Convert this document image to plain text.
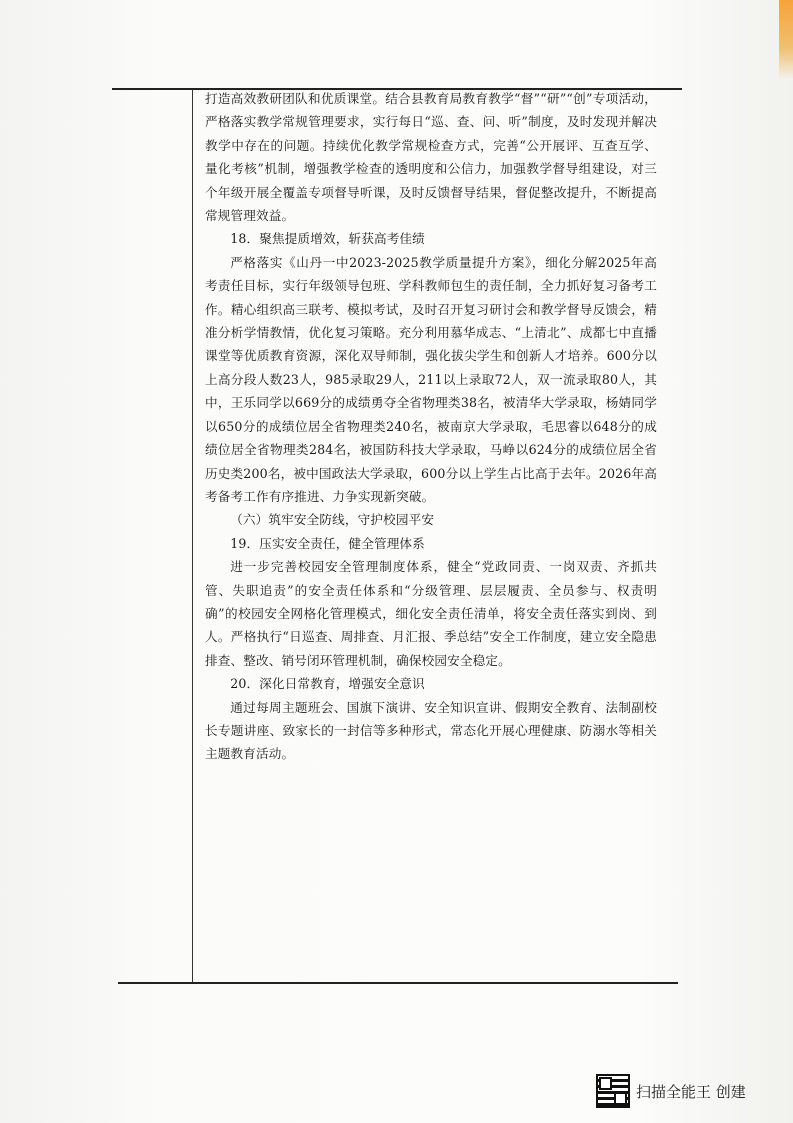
打造高效教研团队和优质课堂。结合县教育局教育教学“督”“研”“创”专项活动，严格落实教学常规管理要求，实行每日“巡、查、问、听”制度，及时发现并解决教学中存在的问题。持续优化教学常规检查方式，完善“公开展评、互查互学、量化考核”机制，增强教学检查的透明度和公信力，加强教学督导组建设，对三个年级开展全覆盖专项督导听课，及时反馈督导结果，督促整改提升，不断提高常规管理效益。

18．聚焦提质增效，斩获高考佳绩

严格落实《山丹一中2023-2025教学质量提升方案》，细化分解2025年高考责任目标，实行年级领导包班、学科教师包生的责任制，全力抓好复习备考工作。精心组织高三联考、模拟考试，及时召开复习研讨会和教学督导反馈会，精准分析学情教情，优化复习策略。充分利用慕华成志、“上清北”、成都七中直播课堂等优质教育资源，深化双导师制，强化拔尖学生和创新人才培养。600分以上高分段人数23人，985录取29人，211以上录取72人，双一流录取80人，其中，王乐同学以669分的成绩勇夺全省物理类38名，被清华大学录取，杨婧同学以650分的成绩位居全省物理类240名，被南京大学录取，毛思睿以648分的成绩位居全省物理类284名，被国防科技大学录取，马峥以624分的成绩位居全省历史类200名，被中国政法大学录取，600分以上学生占比高于去年。2026年高考备考工作有序推进、力争实现新突破。

（六）筑牢安全防线，守护校园平安
19．压实安全责任，健全管理体系

进一步完善校园安全管理制度体系，健全“党政同责、一岗双责、齐抓共管、失职追责”的安全责任体系和“分级管理、层层履责、全员参与、权责明确”的校园安全网格化管理模式，细化安全责任清单，将安全责任落实到岗、到人。严格执行“日巡查、周排查、月汇报、季总结”安全工作制度，建立安全隐患排查、整改、销号闭环管理机制，确保校园安全稳定。

20．深化日常教育，增强安全意识

通过每周主题班会、国旗下演讲、安全知识宣讲、假期安全教育、法制副校长专题讲座、致家长的一封信等多种形式，常态化开展心理健康、防溺水等相关主题教育活动。

扫描全能王 创建
